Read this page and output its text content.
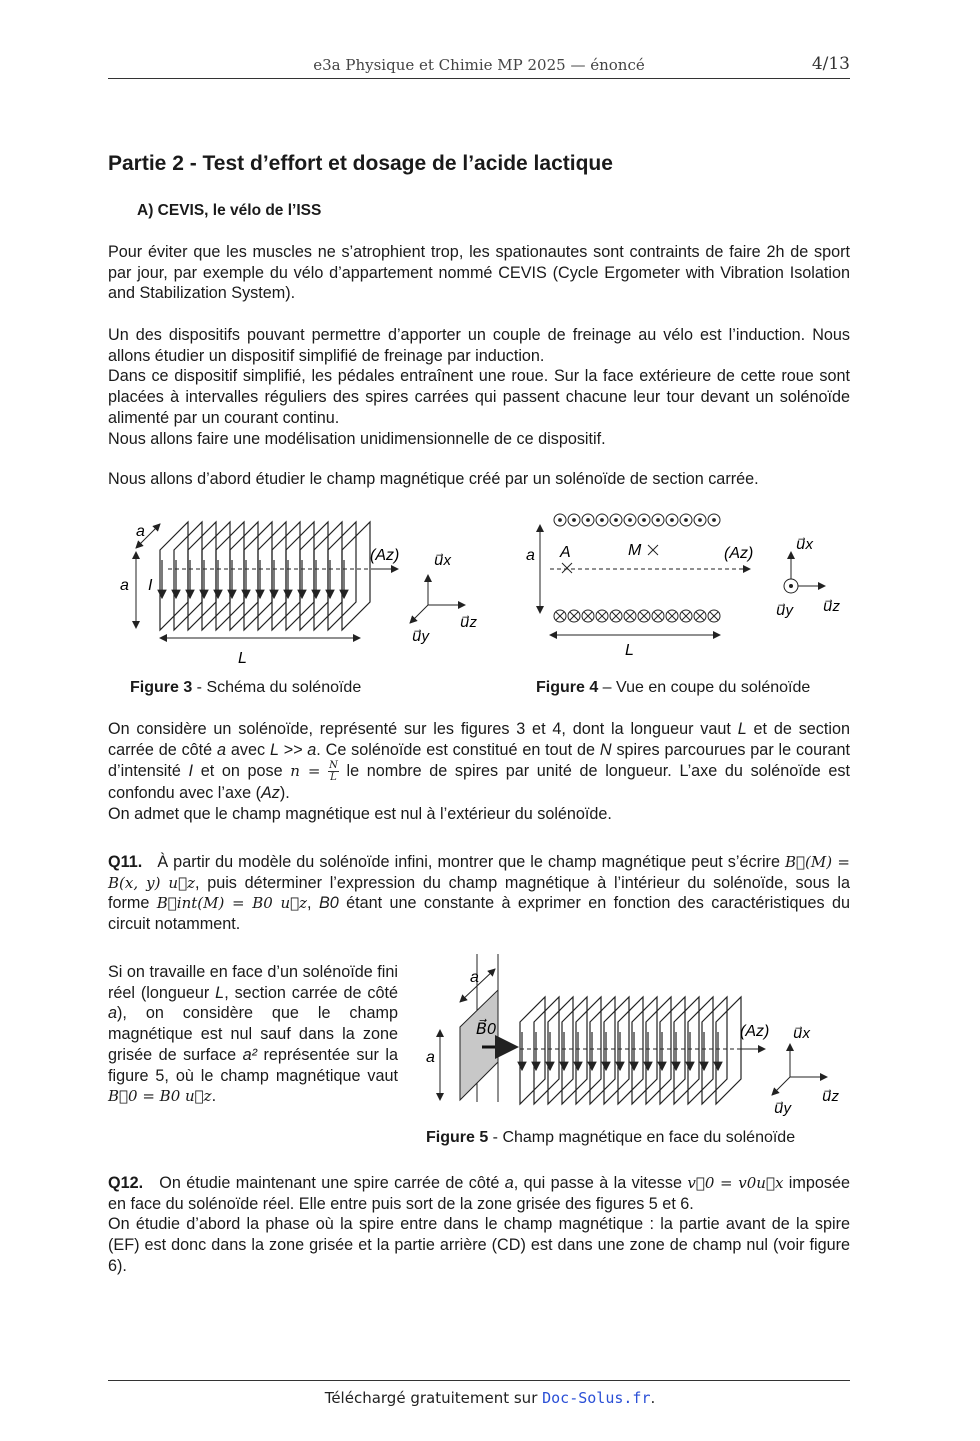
e3a Physique et Chimie MP 2025 — énoncé	4/13
Partie 2 - Test d’effort et dosage de l’acide lactique
A) CEVIS, le vélo de l’ISS

Pour éviter que les muscles ne s’atrophient trop, les spationautes sont contraints de faire 2h de sport par jour, par exemple du vélo d’appartement nommé CEVIS (Cycle Ergometer with Vibration Isolation and Stabilization System).

Un des dispositifs pouvant permettre d’apporter un couple de freinage au vélo est l’induction. Nous allons étudier un dispositif simplifié de freinage par induction.

Dans ce dispositif simplifié, les pédales entraînent une roue. Sur la face extérieure de cette roue sont placées à intervalles réguliers des spires carrées qui passent chacune leur tour devant un solénoïde alimenté par un courant continu.

Nous allons faire une modélisation unidimensionnelle de ce dispositif.

Nous allons d’abord étudier le champ magnétique créé par un solénoïde de section carrée.

a
a I
L
(Az) u⃗x
u⃗z
u⃗y
a A	M	(Az)
L
u⃗x
u⃗y u⃗z
Figure 3 - Schéma du solénoïde	Figure 4 – Vue en coupe du solénoïde

On considère un solénoïde, représenté sur les figures 3 et 4, dont la longueur vaut L et de section carrée de côté a avec L >> a. Ce solénoïde est constitué en tout de N spires parcourues par le courant d’intensité I et on pose $n = \frac{N}{L}$ le nombre de spires par unité de longueur. L’axe du solénoïde est confondu avec l’axe (Az).

On admet que le champ magnétique est nul à l’extérieur du solénoïde.

Q11. À partir du modèle du solénoïde infini, montrer que le champ magnétique peut s’écrire B⃗(M) = B(x, y) u⃗z, puis déterminer l’expression du champ magnétique à l’intérieur du solénoïde, sous la forme B⃗int(M) = B0 u⃗z, B0 étant une constante à exprimer en fonction des caractéristiques du circuit notamment.

Si on travaille en face d’un solénoïde fini réel (longueur L, section carrée de côté a), on considère que le champ magnétique est nul sauf dans la zone grisée de surface a² représentée sur la figure 5, où le champ magnétique vaut B⃗0 = B0 u⃗z.
a
a
B⃗0	(Az) u⃗x
u⃗z
u⃗y
Figure 5 - Champ magnétique en face du solénoïde

Q12. On étudie maintenant une spire carrée de côté a, qui passe à la vitesse v⃗0 = v0u⃗x imposée en face du solénoïde réel. Elle entre puis sort de la zone grisée des figures 5 et 6.

On étudie d’abord la phase où la spire entre dans le champ magnétique : la partie avant de la spire (EF) est donc dans la zone grisée et la partie arrière (CD) est dans une zone de champ nul (voir figure 6).

Téléchargé gratuitement sur Doc-Solus.fr.
